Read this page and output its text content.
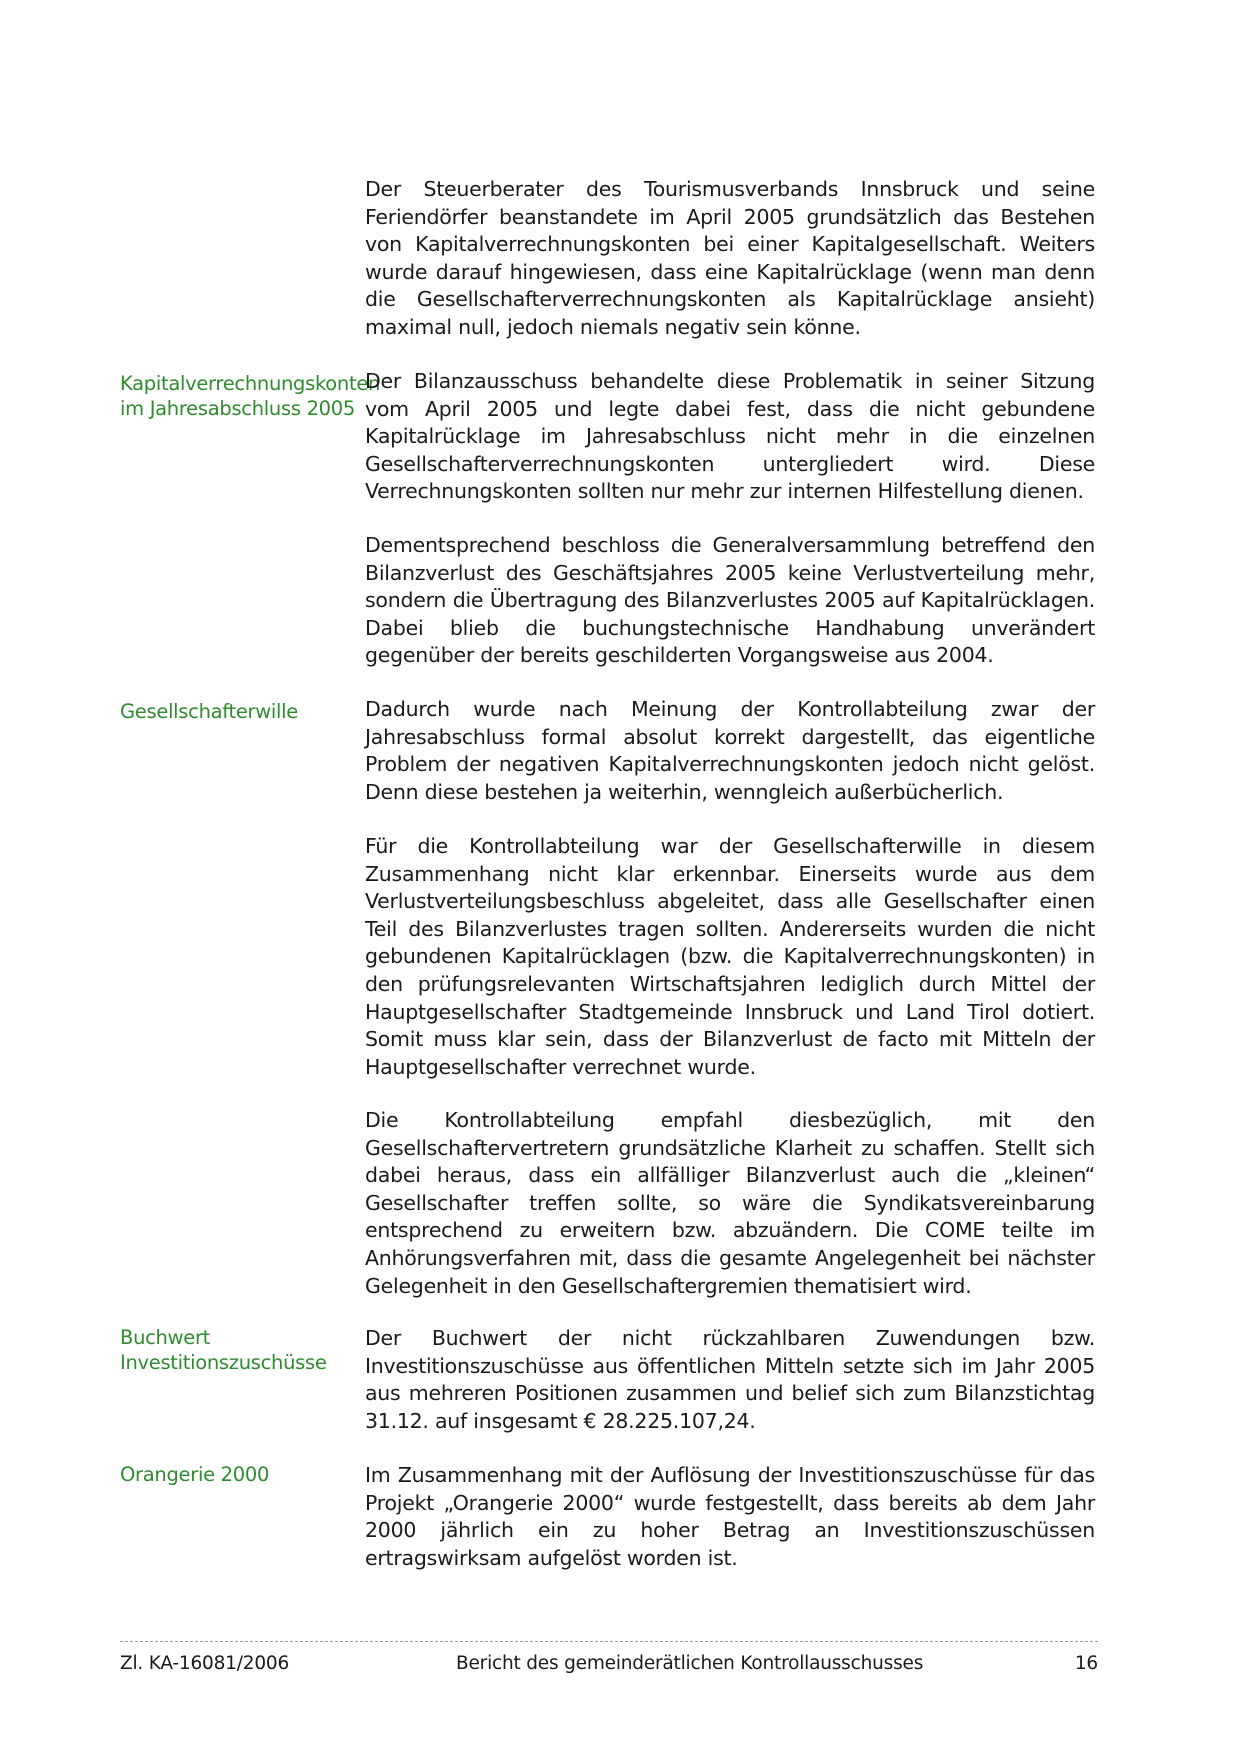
Der Steuerberater des Tourismusverbands Innsbruck und seine Feriendörfer beanstandete im April 2005 grundsätzlich das Bestehen von Kapitalverrechnungskonten bei einer Kapitalgesellschaft. Weiters wurde darauf hingewiesen, dass eine Kapitalrücklage (wenn man denn die Gesellschafterverrechnungskonten als Kapitalrücklage ansieht) maximal null, jedoch niemals negativ sein könne.
Kapitalverrechnungskonten im Jahresabschluss 2005
Der Bilanzausschuss behandelte diese Problematik in seiner Sitzung vom April 2005 und legte dabei fest, dass die nicht gebundene Kapitalrücklage im Jahresabschluss nicht mehr in die einzelnen Gesellschafterverrechnungskonten untergliedert wird. Diese Verrechnungskonten sollten nur mehr zur internen Hilfestellung dienen.
Dementsprechend beschloss die Generalversammlung betreffend den Bilanzverlust des Geschäftsjahres 2005 keine Verlustverteilung mehr, sondern die Übertragung des Bilanzverlustes 2005 auf Kapitalrücklagen. Dabei blieb die buchungstechnische Handhabung unverändert gegenüber der bereits geschilderten Vorgangsweise aus 2004.
Gesellschafterwille	Dadurch wurde nach Meinung der Kontrollabteilung zwar der Jahresabschluss formal absolut korrekt dargestellt, das eigentliche Problem der negativen Kapitalverrechnungskonten jedoch nicht gelöst. Denn diese bestehen ja weiterhin, wenngleich außerbücherlich.
Für die Kontrollabteilung war der Gesellschafterwille in diesem Zusammenhang nicht klar erkennbar. Einerseits wurde aus dem Verlustverteilungsbeschluss abgeleitet, dass alle Gesellschafter einen Teil des Bilanzverlustes tragen sollten. Andererseits wurden die nicht gebundenen Kapitalrücklagen (bzw. die Kapitalverrechnungskonten) in den prüfungsrelevanten Wirtschaftsjahren lediglich durch Mittel der Hauptgesellschafter Stadtgemeinde Innsbruck und Land Tirol dotiert. Somit muss klar sein, dass der Bilanzverlust de facto mit Mitteln der Hauptgesellschafter verrechnet wurde.
Die Kontrollabteilung empfahl diesbezüglich, mit den Gesellschaftervertretern grundsätzliche Klarheit zu schaffen. Stellt sich dabei heraus, dass ein allfälliger Bilanzverlust auch die „kleinen“ Gesellschafter treffen sollte, so wäre die Syndikatsvereinbarung entsprechend zu erweitern bzw. abzuändern. Die COME teilte im Anhörungsverfahren mit, dass die gesamte Angelegenheit bei nächster Gelegenheit in den Gesellschaftergremien thematisiert wird.
Buchwert Investitionszuschüsse
Der Buchwert der nicht rückzahlbaren Zuwendungen bzw. Investitionszuschüsse aus öffentlichen Mitteln setzte sich im Jahr 2005 aus mehreren Positionen zusammen und belief sich zum Bilanzstichtag 31.12. auf insgesamt € 28.225.107,24.
Orangerie 2000	Im Zusammenhang mit der Auflösung der Investitionszuschüsse für das Projekt „Orangerie 2000“ wurde festgestellt, dass bereits ab dem Jahr 2000 jährlich ein zu hoher Betrag an Investitionszuschüssen ertragswirksam aufgelöst worden ist.
Zl. KA-16081/2006	Bericht des gemeinderätlichen Kontrollausschusses	16
